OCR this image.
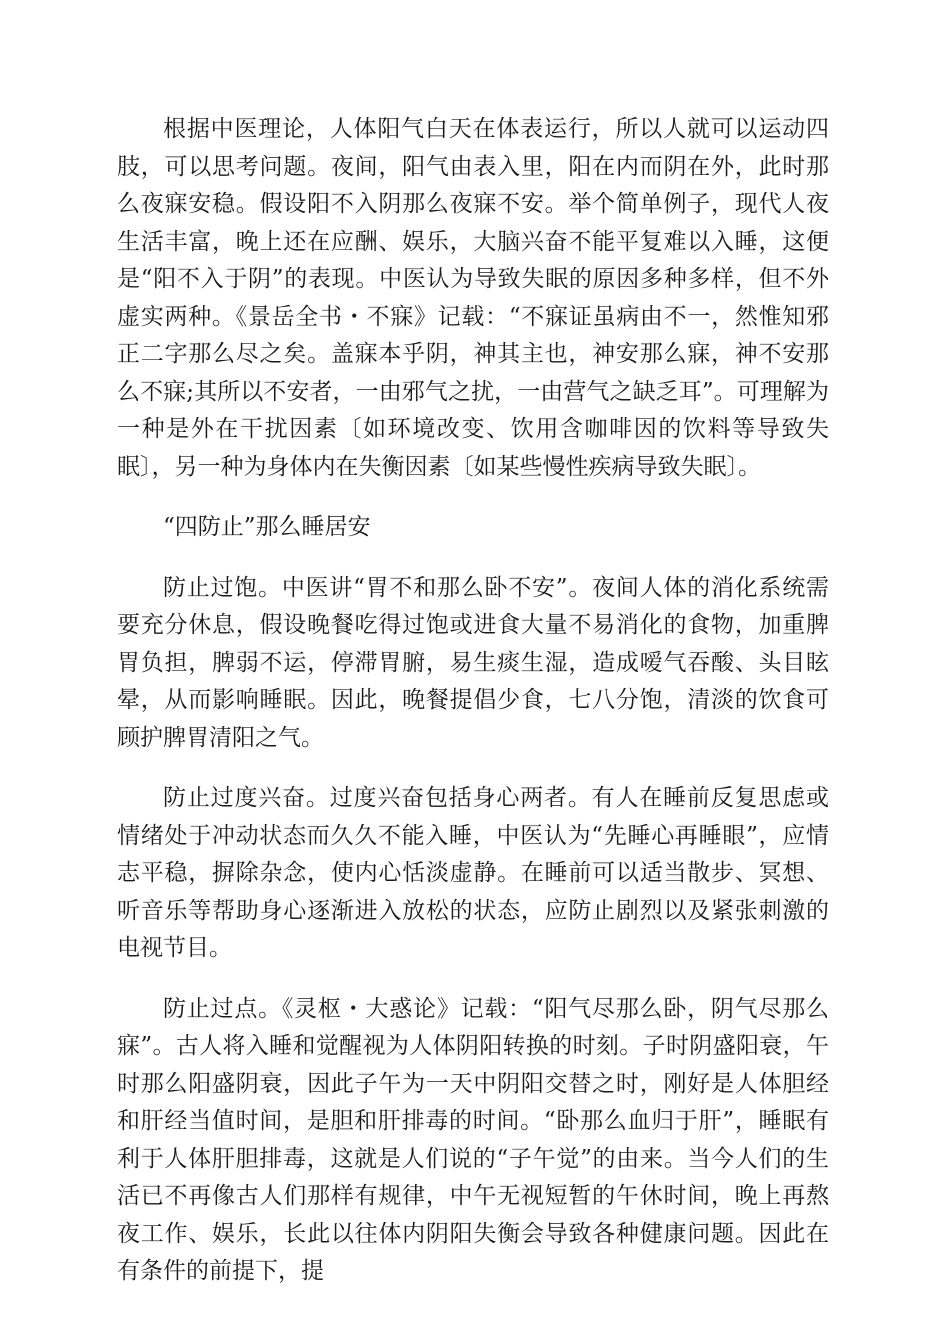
根据中医理论，人体阳气白天在体表运行，所以人就可以运动四肢，可以思考问题。夜间，阳气由表入里，阳在内而阴在外，此时那么夜寐安稳。假设阳不入阴那么夜寐不安。举个简单例子，现代人夜生活丰富，晚上还在应酬、娱乐，大脑兴奋不能平复难以入睡，这便是“阳不入于阴”的表现。中医认为导致失眠的原因多种多样，但不外虚实两种。《景岳全书・不寐》记载：“不寐证虽病由不一，然惟知邪正二字那么尽之矣。盖寐本乎阴，神其主也，神安那么寐，神不安那么不寐;其所以不安者，一由邪气之扰，一由营气之缺乏耳”。可理解为一种是外在干扰因素〔如环境改变、饮用含咖啡因的饮料等导致失眠〕，另一种为身体内在失衡因素〔如某些慢性疾病导致失眠〕。

“四防止”那么睡居安

防止过饱。中医讲“胃不和那么卧不安”。夜间人体的消化系统需要充分休息，假设晚餐吃得过饱或进食大量不易消化的食物，加重脾胃负担，脾弱不运，停滞胃腑，易生痰生湿，造成嗳气吞酸、头目眩晕，从而影响睡眠。因此，晚餐提倡少食，七八分饱，清淡的饮食可顾护脾胃清阳之气。

防止过度兴奋。过度兴奋包括身心两者。有人在睡前反复思虑或情绪处于冲动状态而久久不能入睡，中医认为“先睡心再睡眼”，应情志平稳，摒除杂念，使内心恬淡虚静。在睡前可以适当散步、冥想、听音乐等帮助身心逐渐进入放松的状态，应防止剧烈以及紧张刺激的电视节目。

防止过点。《灵枢・大惑论》记载：“阳气尽那么卧，阴气尽那么寐”。古人将入睡和觉醒视为人体阴阳转换的时刻。子时阴盛阳衰，午时那么阳盛阴衰，因此子午为一天中阴阳交替之时，刚好是人体胆经和肝经当值时间，是胆和肝排毒的时间。“卧那么血归于肝”，睡眠有利于人体肝胆排毒，这就是人们说的“子午觉”的由来。当今人们的生活已不再像古人们那样有规律，中午无视短暂的午休时间，晚上再熬夜工作、娱乐，长此以往体内阴阳失衡会导致各种健康问题。因此在有条件的前提下，提
